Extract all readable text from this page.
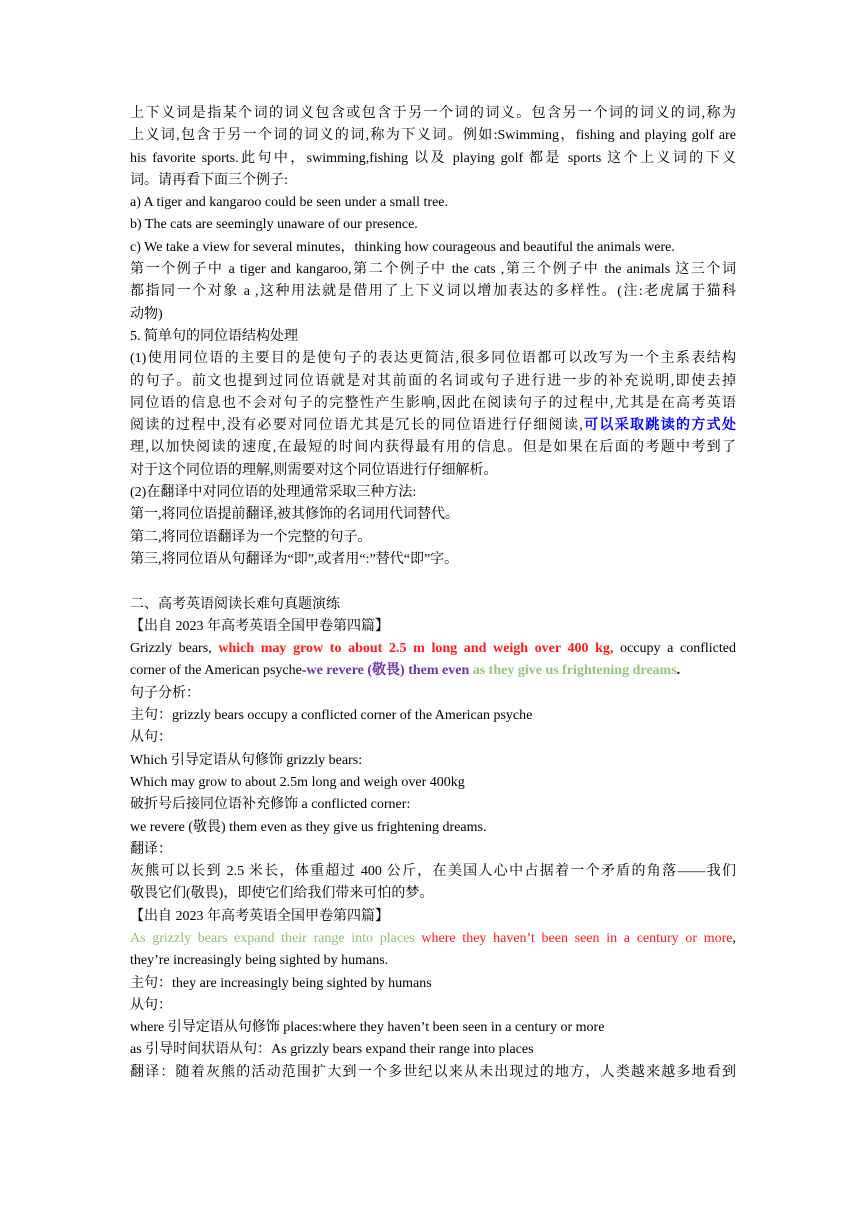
上下义词是指某个词的词义包含或包含于另一个词的词义。包含另一个词的词义的词,称为
上义词,包含于另一个词的词义的词,称为下义词。例如:Swimming，fishing and playing golf are
his favorite sports.此句中，swimming,fishing 以及 playing golf 都是 sports 这个上义词的下义
词。请再看下面三个例子:
a) A tiger and kangaroo could be seen under a small tree.
b) The cats are seemingly unaware of our presence.
c) We take a view for several minutes，thinking how courageous and beautiful the animals were.
第一个例子中 a tiger and kangaroo,第二个例子中 the cats ,第三个例子中 the animals 这三个词
都指同一个对象 a ,这种用法就是借用了上下义词以增加表达的多样性。(注:老虎属于猫科
动物)
5. 简单句的同位语结构处理
(1)使用同位语的主要目的是使句子的表达更简洁,很多同位语都可以改写为一个主系表结构
的句子。前文也提到过同位语就是对其前面的名词或句子进行进一步的补充说明,即使去掉
同位语的信息也不会对句子的完整性产生影响,因此在阅读句子的过程中,尤其是在高考英语
阅读的过程中,没有必要对同位语尤其是冗长的同位语进行仔细阅读,可以采取跳读的方式处
理,以加快阅读的速度,在最短的时间内获得最有用的信息。但是如果在后面的考题中考到了
对于这个同位语的理解,则需要对这个同位语进行仔细解析。
(2)在翻译中对同位语的处理通常采取三种方法:
第一,将同位语提前翻译,被其修饰的名词用代词替代。
第二,将同位语翻译为一个完整的句子。
第三,将同位语从句翻译为“即”,或者用“:”替代“即”字。
二、高考英语阅读长难句真题演练
【出自 2023 年高考英语全国甲卷第四篇】
Grizzly bears, which may grow to about 2.5 m long and weigh over 400 kg, occupy a conflicted
corner of the American psyche-we revere (敬畏) them even as they give us frightening dreams.
句子分析：
主句：grizzly bears occupy a conflicted corner of the American psyche
从句：
Which 引导定语从句修饰 grizzly bears:
Which may grow to about 2.5m long and weigh over 400kg
破折号后接同位语补充修饰 a conflicted corner:
we revere (敬畏) them even as they give us frightening dreams.
翻译：
灰熊可以长到 2.5 米长，体重超过 400 公斤，在美国人心中占据着一个矛盾的角落——我们
敬畏它们(敬畏)，即使它们给我们带来可怕的梦。
【出自 2023 年高考英语全国甲卷第四篇】
As grizzly bears expand their range into places where they haven’t been seen in a century or more,
they’re increasingly being sighted by humans.
主句：they are increasingly being sighted by humans
从句：
where 引导定语从句修饰 places:where they haven’t been seen in a century or more
as 引导时间状语从句：As grizzly bears expand their range into places
翻译：随着灰熊的活动范围扩大到一个多世纪以来从未出现过的地方，人类越来越多地看到
